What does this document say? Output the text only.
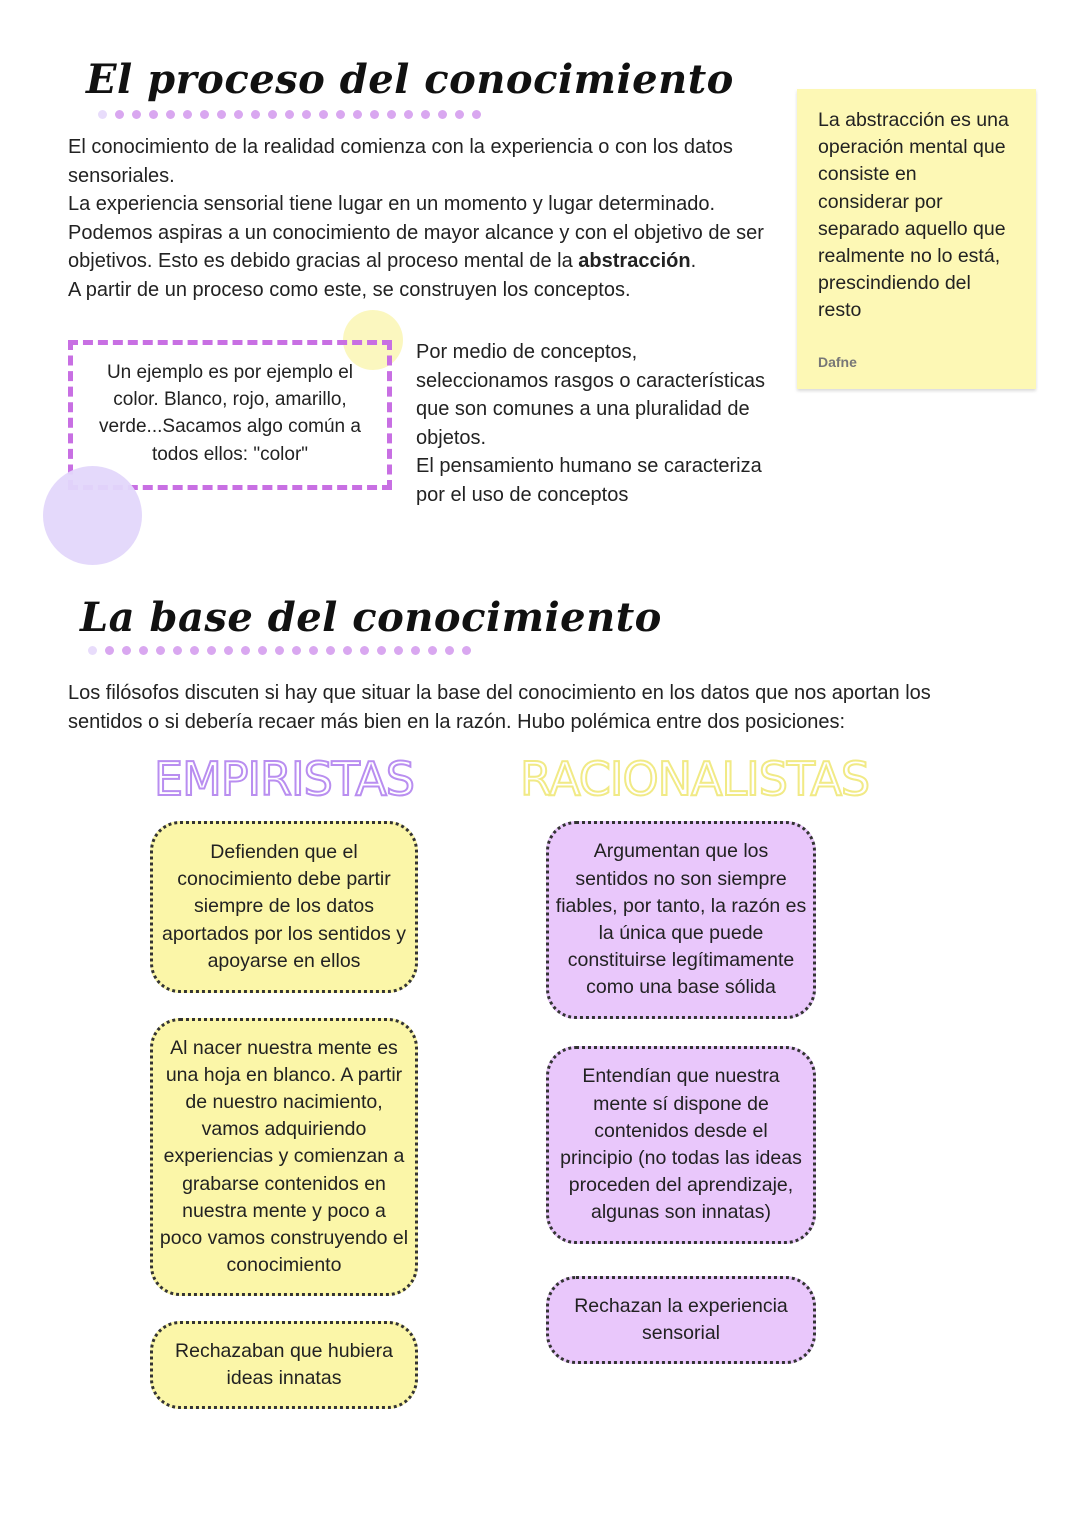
El proceso del conocimiento
El conocimiento de la realidad comienza con la experiencia o con los datos
sensoriales.
La experiencia sensorial tiene lugar en un momento y lugar determinado.
Podemos aspiras a un conocimiento de mayor alcance y con el objetivo de ser
objetivos. Esto es debido gracias al proceso mental de la abstracción.
A partir de un proceso como este, se construyen los conceptos.
La abstracción es una
operación mental que
consiste en
considerar por
separado aquello que
realmente no lo está,
prescindiendo del
resto
Dafne
Un ejemplo es por ejemplo el
color. Blanco, rojo, amarillo,
verde...Sacamos algo común a
todos ellos: "color"
Por medio de conceptos,
seleccionamos rasgos o características
que son comunes a una pluralidad de
objetos.
El pensamiento humano se caracteriza
por el uso de conceptos
La base del conocimiento
Los filósofos discuten si hay que situar la base del conocimiento en los datos que nos aportan los
sentidos o si debería recaer más bien en la razón. Hubo polémica entre dos posiciones:
EMPIRISTAS RACIONALISTAS
Defienden que el
conocimiento debe partir
siempre de los datos
aportados por los sentidos y
apoyarse en ellos
Al nacer nuestra mente es
una hoja en blanco. A partir
de nuestro nacimiento,
vamos adquiriendo
experiencias y comienzan a
grabarse contenidos en
nuestra mente y poco a
poco vamos construyendo el
conocimiento
Rechazaban que hubiera
ideas innatas
Argumentan que los
sentidos no son siempre
fiables, por tanto, la razón es
la única que puede
constituirse legítimamente
como una base sólida
Entendían que nuestra
mente sí dispone de
contenidos desde el
principio (no todas las ideas
proceden del aprendizaje,
algunas son innatas)
Rechazan la experiencia
sensorial
